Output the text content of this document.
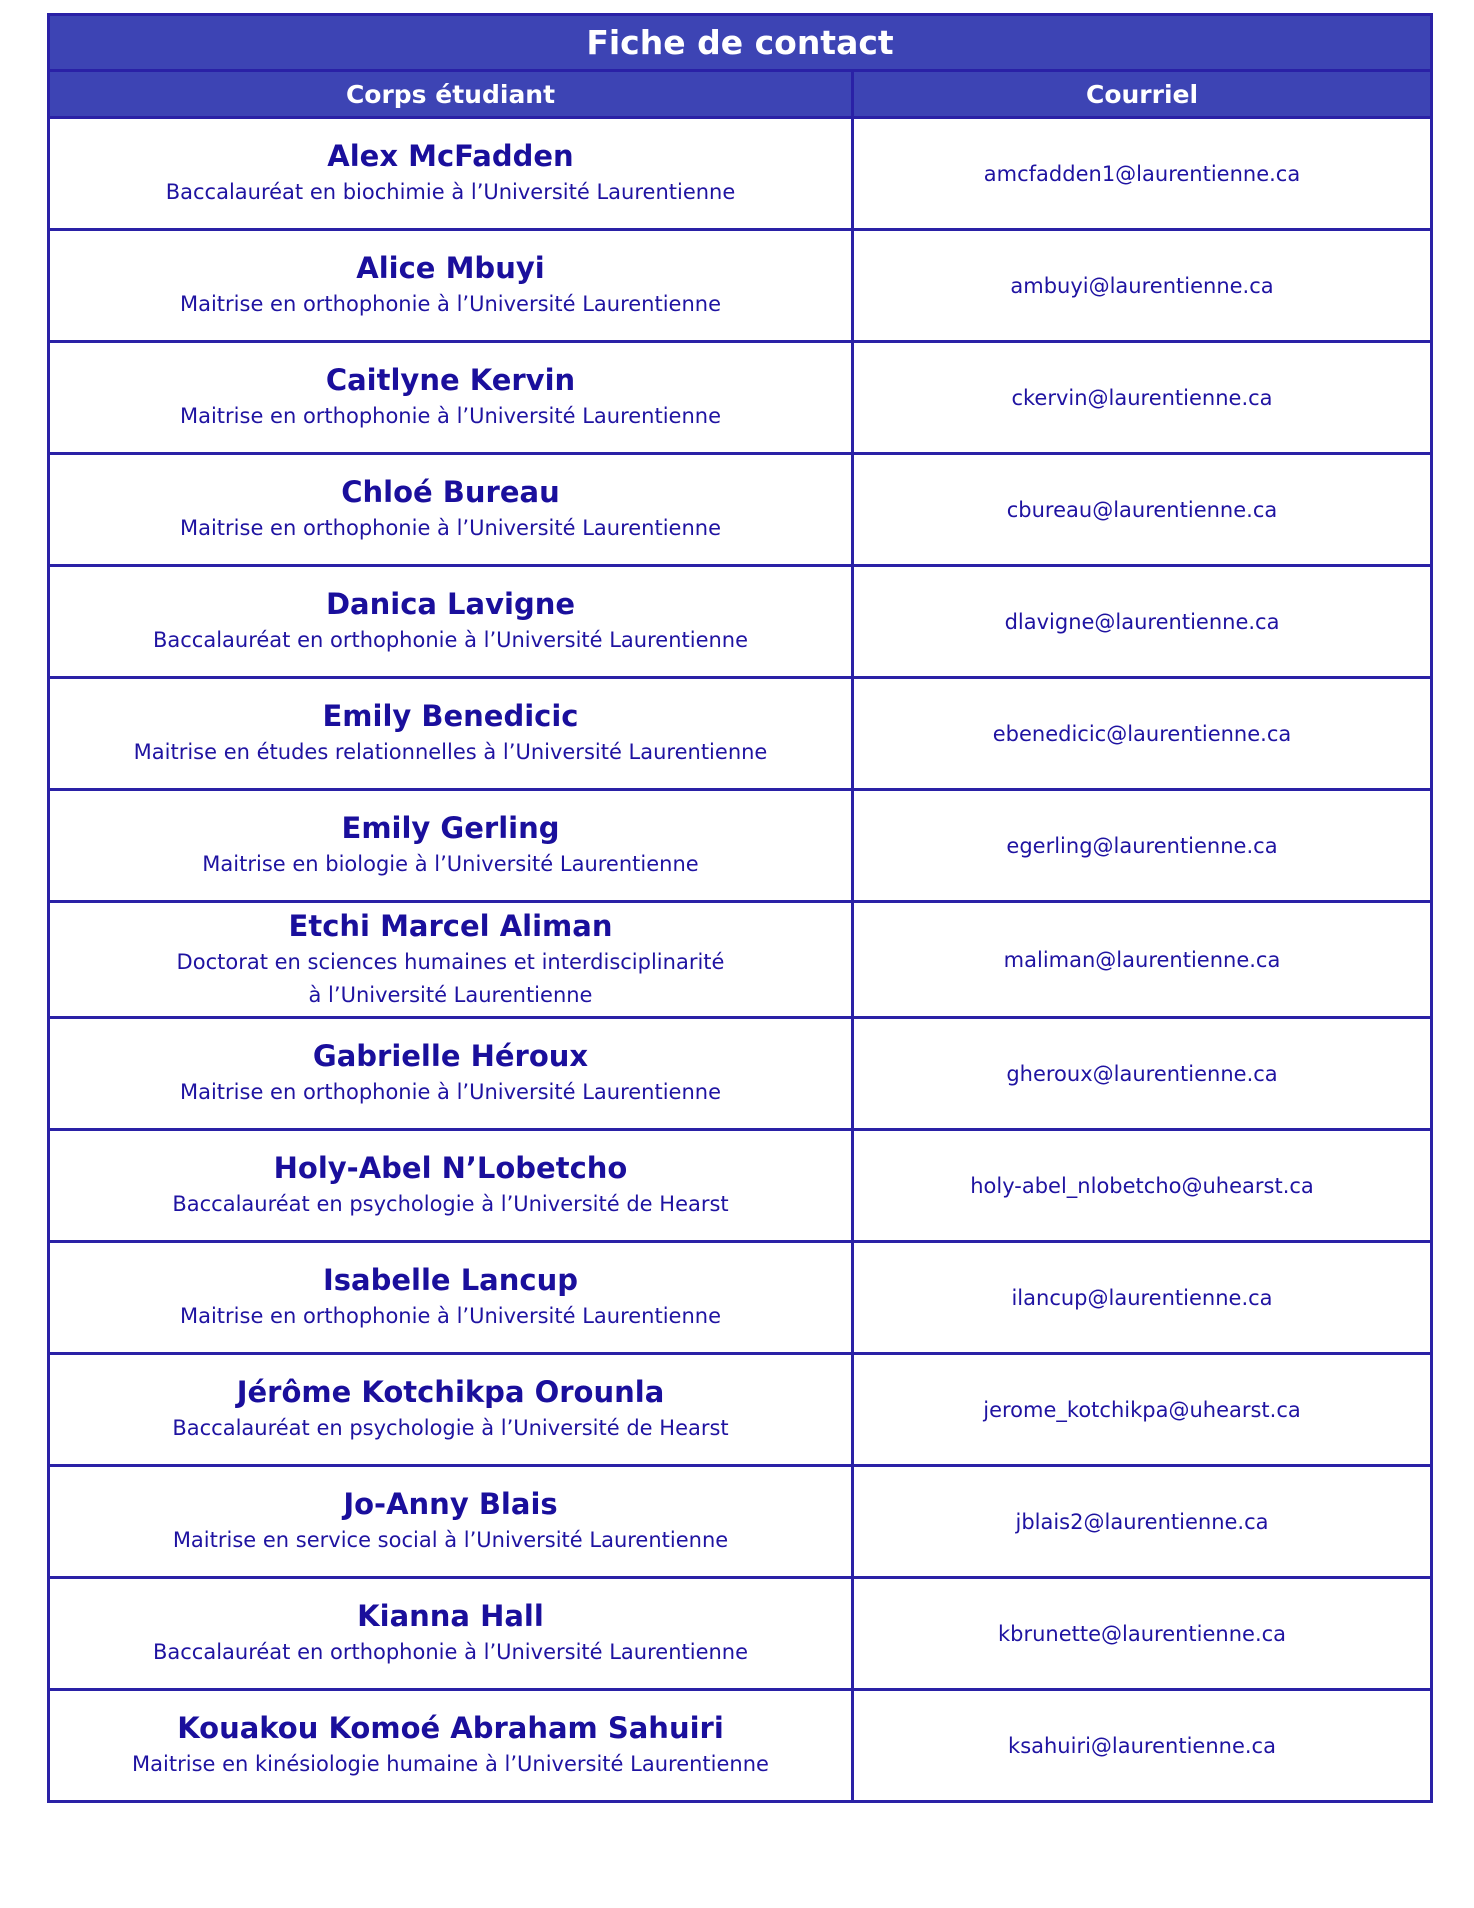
Fiche de contact	
Corps étudiant	Courriel

Alex McFadden
Baccalauréat en biochimie à l’Université Laurentienne	amcfadden1@laurentienne.ca

Alice Mbuyi
Maitrise en orthophonie à l’Université Laurentienne	ambuyi@laurentienne.ca

Caitlyne Kervin
Maitrise en orthophonie à l’Université Laurentienne	ckervin@laurentienne.ca

Chloé Bureau
Maitrise en orthophonie à l’Université Laurentienne	cbureau@laurentienne.ca

Danica Lavigne
Baccalauréat en orthophonie à l’Université Laurentienne	dlavigne@laurentienne.ca

Emily Benedicic
Maitrise en études relationnelles à l’Université Laurentienne	ebenedicic@laurentienne.ca

Emily Gerling
Maitrise en biologie à l’Université Laurentienne	egerling@laurentienne.ca

Etchi Marcel Aliman
Doctorat en sciences humaines et interdisciplinarité
à l’Université Laurentienne	maliman@laurentienne.ca

Gabrielle Héroux
Maitrise en orthophonie à l’Université Laurentienne	gheroux@laurentienne.ca

Holy-Abel N’Lobetcho
Baccalauréat en psychologie à l’Université de Hearst	holy-abel_nlobetcho@uhearst.ca

Isabelle Lancup
Maitrise en orthophonie à l’Université Laurentienne	ilancup@laurentienne.ca

Jérôme Kotchikpa Orounla
Baccalauréat en psychologie à l’Université de Hearst	jerome_kotchikpa@uhearst.ca

Jo-Anny Blais
Maitrise en service social à l’Université Laurentienne	jblais2@laurentienne.ca

Kianna Hall
Baccalauréat en orthophonie à l’Université Laurentienne	kbrunette@laurentienne.ca

Kouakou Komoé Abraham Sahuiri
Maitrise en kinésiologie humaine à l’Université Laurentienne	ksahuiri@laurentienne.ca
